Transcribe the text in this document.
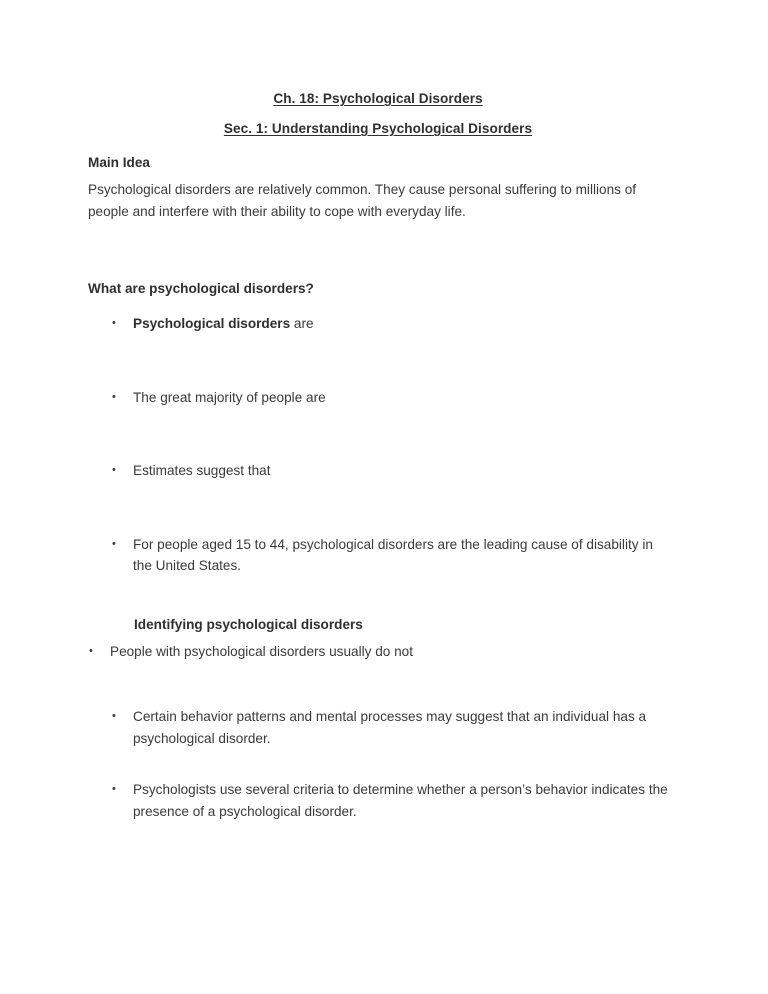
Ch. 18: Psychological Disorders
Sec. 1: Understanding Psychological Disorders
Main Idea
Psychological disorders are relatively common. They cause personal suffering to millions of people and interfere with their ability to cope with everyday life.
What are psychological disorders?
•	Psychological disorders are
•	The great majority of people are
•	Estimates suggest that
•	For people aged 15 to 44, psychological disorders are the leading cause of disability in the United States.
Identifying psychological disorders
•	People with psychological disorders usually do not
•	Certain behavior patterns and mental processes may suggest that an individual has a psychological disorder.
•	Psychologists use several criteria to determine whether a person’s behavior indicates the presence of a psychological disorder.
